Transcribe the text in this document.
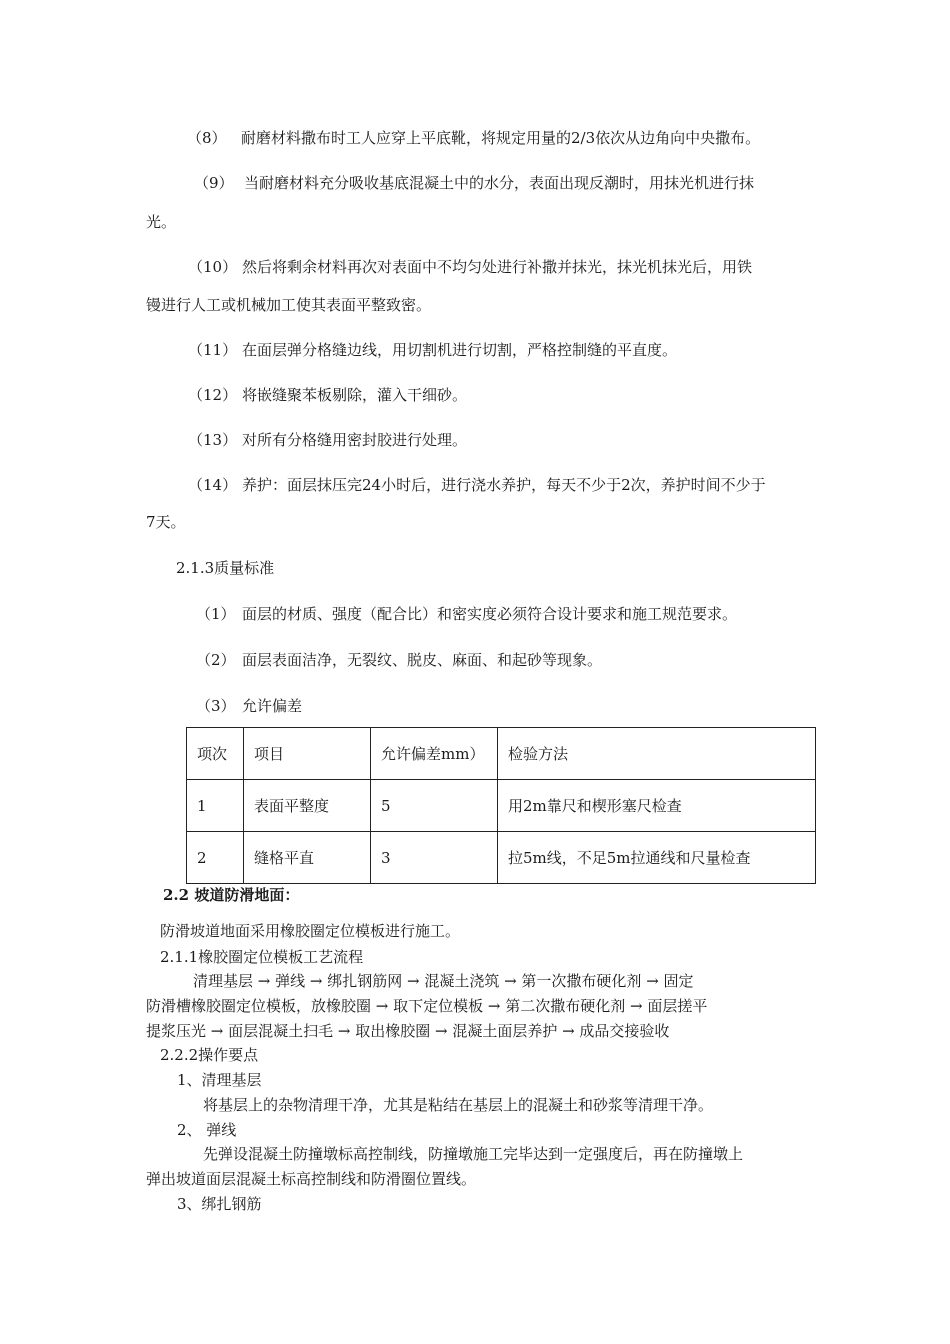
（8） 耐磨材料撒布时工人应穿上平底靴，将规定用量的2/3依次从边角向中央撒布。
（9） 当耐磨材料充分吸收基底混凝土中的水分，表面出现反潮时，用抹光机进行抹
光。
（10） 然后将剩余材料再次对表面中不均匀处进行补撒并抹光，抹光机抹光后，用铁
镘进行人工或机械加工使其表面平整致密。
（11） 在面层弹分格缝边线，用切割机进行切割，严格控制缝的平直度。
（12） 将嵌缝聚苯板剔除，灌入干细砂。
（13） 对所有分格缝用密封胶进行处理。
（14） 养护：面层抹压完24小时后，进行浇水养护，每天不少于2次，养护时间不少于
7天。
2.1.3质量标准
（1） 面层的材质、强度（配合比）和密实度必须符合设计要求和施工规范要求。
（2） 面层表面洁净，无裂纹、脱皮、麻面、和起砂等现象。
（3） 允许偏差
项次	项目	允许偏差mm）	检验方法
1	表面平整度	5	用2m靠尺和楔形塞尺检查
2	缝格平直	3	拉5m线，不足5m拉通线和尺量检查
2.2 坡道防滑地面：
防滑坡道地面采用橡胶圈定位模板进行施工。
2.1.1橡胶圈定位模板工艺流程
清理基层 → 弹线 → 绑扎钢筋网 → 混凝土浇筑 → 第一次撒布硬化剂 → 固定
防滑槽橡胶圈定位模板，放橡胶圈 → 取下定位模板 → 第二次撒布硬化剂 → 面层搓平
提浆压光 → 面层混凝土扫毛 → 取出橡胶圈 → 混凝土面层养护 → 成品交接验收
2.2.2操作要点
1、清理基层
将基层上的杂物清理干净，尤其是粘结在基层上的混凝土和砂浆等清理干净。
2、 弹线
先弹设混凝土防撞墩标高控制线，防撞墩施工完毕达到一定强度后，再在防撞墩上
弹出坡道面层混凝土标高控制线和防滑圈位置线。
3、绑扎钢筋
